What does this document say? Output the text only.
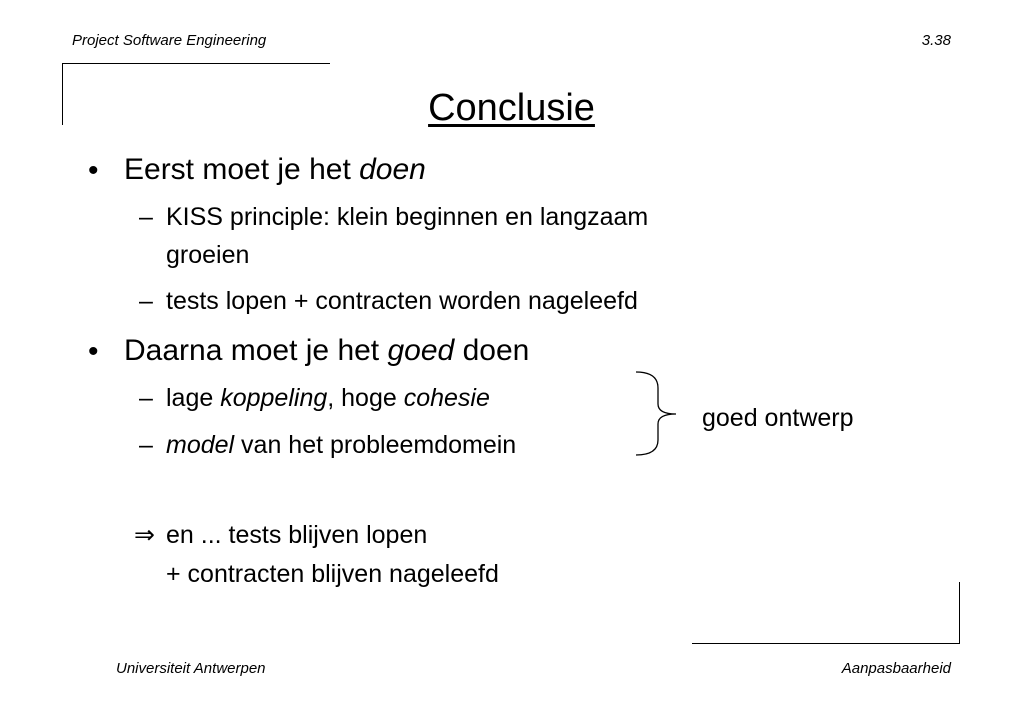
Project Software Engineering	3.38
Conclusie
• Eerst moet je het doen
– KISS principle: klein beginnen en langzaam
groeien
– tests lopen + contracten worden nageleefd
• Daarna moet je het goed doen
– lage koppeling, hoge cohesie
– model van het probleemdomein
goed ontwerp
⇒ en ... tests blijven lopen
+ contracten blijven nageleefd
Universiteit Antwerpen	Aanpasbaarheid
